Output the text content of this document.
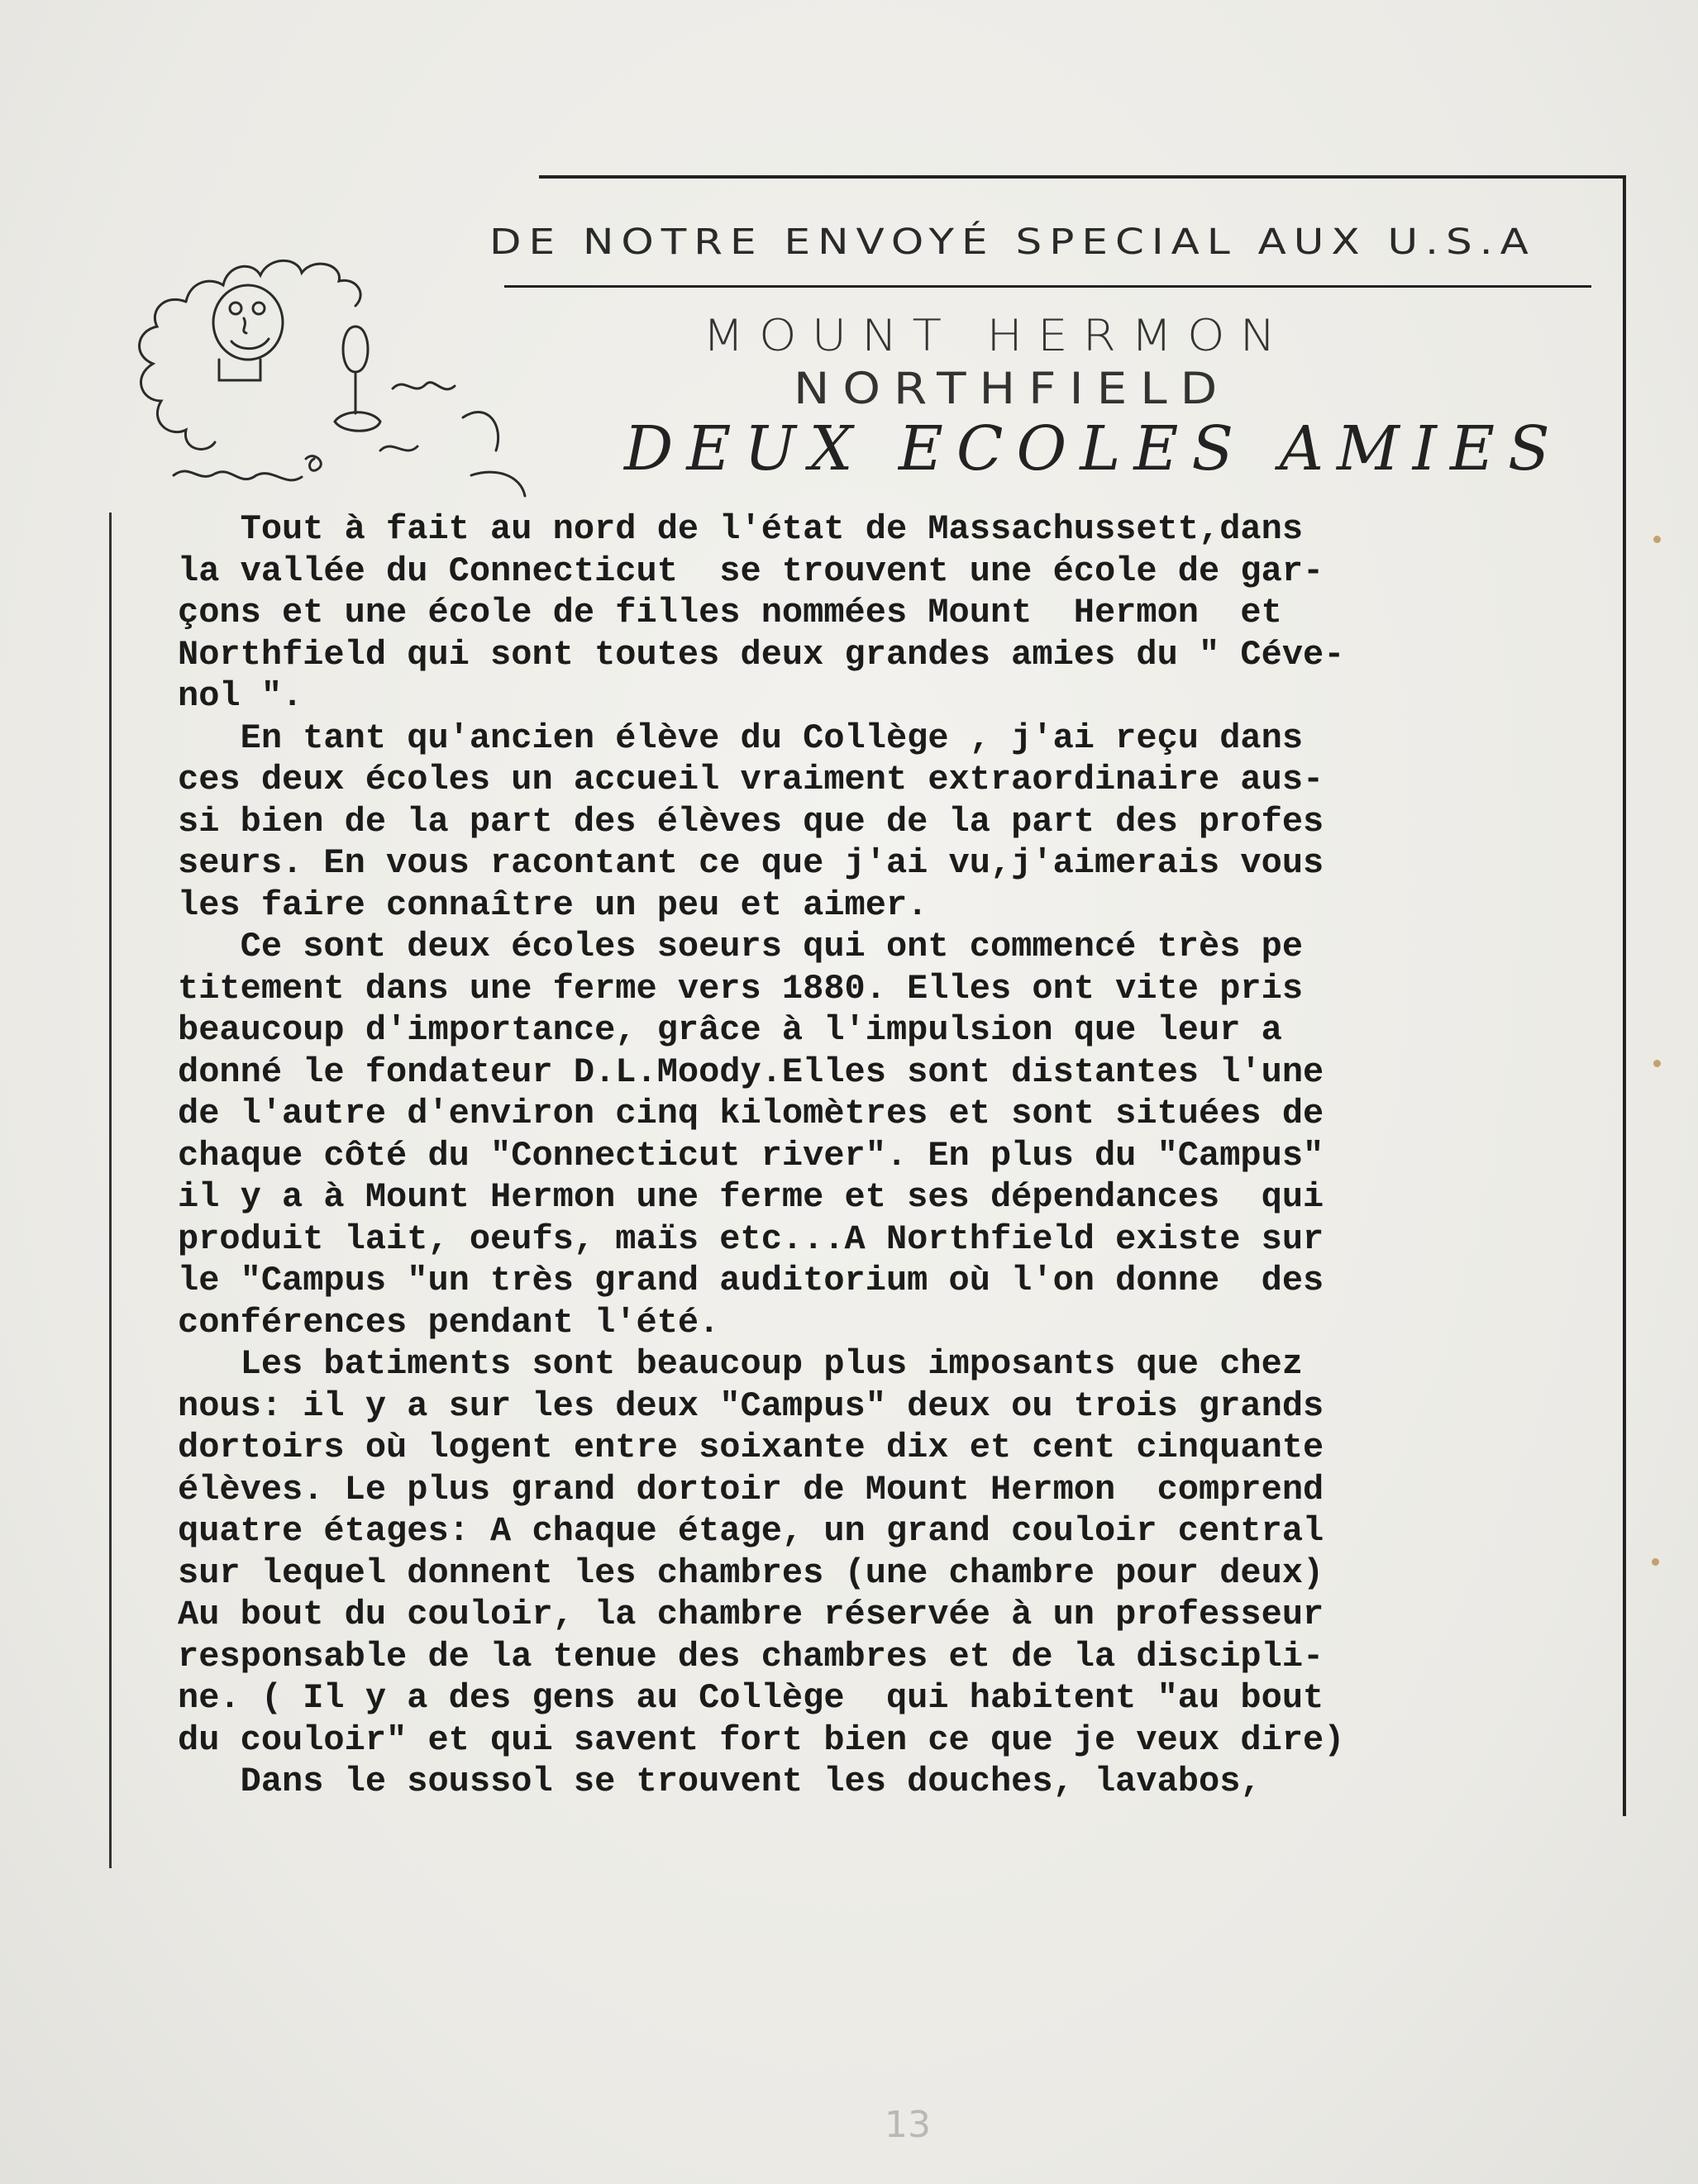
DE NOTRE ENVOYÉ SPECIAL AUX U.S.A
MOUNT HERMON
NORTHFIELD
DEUX ECOLES AMIES
Tout à fait au nord de l'état de Massachussett,dans
la vallée du Connecticut  se trouvent une école de gar-
çons et une école de filles nommées Mount  Hermon  et
Northfield qui sont toutes deux grandes amies du " Céve-
nol ".
En tant qu'ancien élève du Collège , j'ai reçu dans
ces deux écoles un accueil vraiment extraordinaire aus-
si bien de la part des élèves que de la part des profes
seurs. En vous racontant ce que j'ai vu,j'aimerais vous
les faire connaître un peu et aimer.
Ce sont deux écoles soeurs qui ont commencé très pe
titement dans une ferme vers 1880. Elles ont vite pris
beaucoup d'importance, grâce à l'impulsion que leur a
donné le fondateur D.L.Moody.Elles sont distantes l'une
de l'autre d'environ cinq kilomètres et sont situées de
chaque côté du "Connecticut river". En plus du "Campus"
il y a à Mount Hermon une ferme et ses dépendances  qui
produit lait, oeufs, maïs etc...A Northfield existe sur
le "Campus "un très grand auditorium où l'on donne  des
conférences pendant l'été.
Les batiments sont beaucoup plus imposants que chez
nous: il y a sur les deux "Campus" deux ou trois grands
dortoirs où logent entre soixante dix et cent cinquante
élèves. Le plus grand dortoir de Mount Hermon  comprend
quatre étages: A chaque étage, un grand couloir central
sur lequel donnent les chambres (une chambre pour deux)
Au bout du couloir, la chambre réservée à un professeur
responsable de la tenue des chambres et de la discipli-
ne. ( Il y a des gens au Collège  qui habitent "au bout
du couloir" et qui savent fort bien ce que je veux dire)
Dans le soussol se trouvent les douches, lavabos,
13
